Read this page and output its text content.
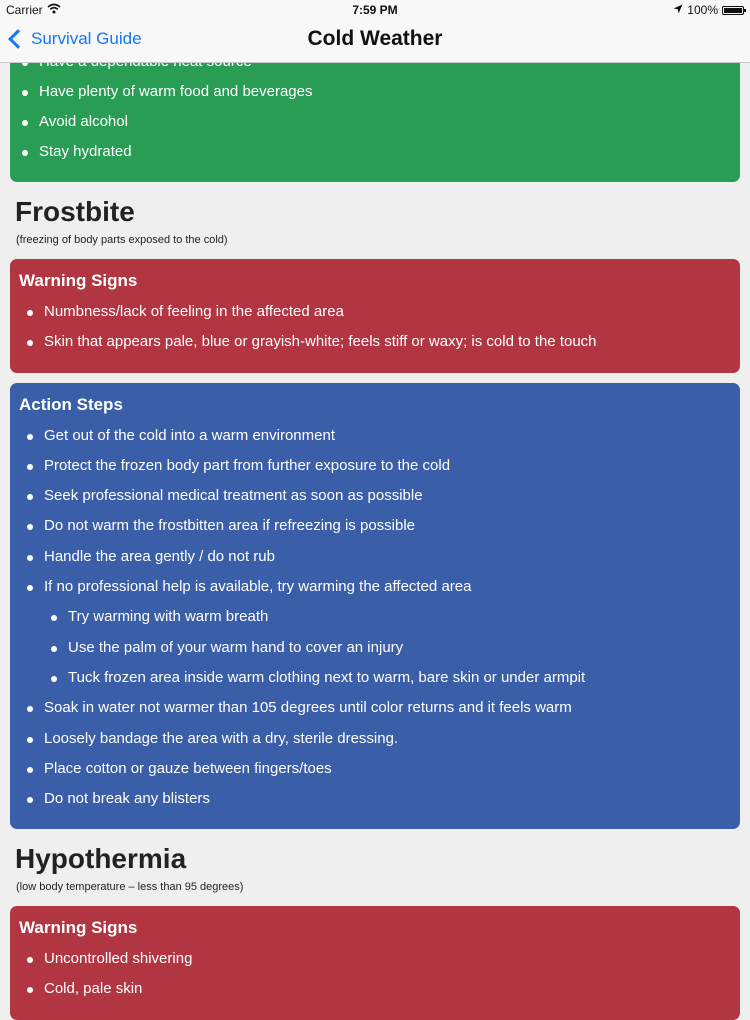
Carrier	7:59 PM	100%
Survival Guide	Cold Weather
Have plenty of warm food and beverages
Avoid alcohol
Stay hydrated
Frostbite
(freezing of body parts exposed to the cold)
Warning Signs
Numbness/lack of feeling in the affected area
Skin that appears pale, blue or grayish-white; feels stiff or waxy; is cold to the touch
Action Steps
Get out of the cold into a warm environment
Protect the frozen body part from further exposure to the cold
Seek professional medical treatment as soon as possible
Do not warm the frostbitten area if refreezing is possible
Handle the area gently / do not rub
If no professional help is available, try warming the affected area
Try warming with warm breath
Use the palm of your warm hand to cover an injury
Tuck frozen area inside warm clothing next to warm, bare skin or under armpit
Soak in water not warmer than 105 degrees until color returns and it feels warm
Loosely bandage the area with a dry, sterile dressing.
Place cotton or gauze between fingers/toes
Do not break any blisters
Hypothermia
(low body temperature – less than 95 degrees)
Warning Signs
Uncontrolled shivering
Cold, pale skin
